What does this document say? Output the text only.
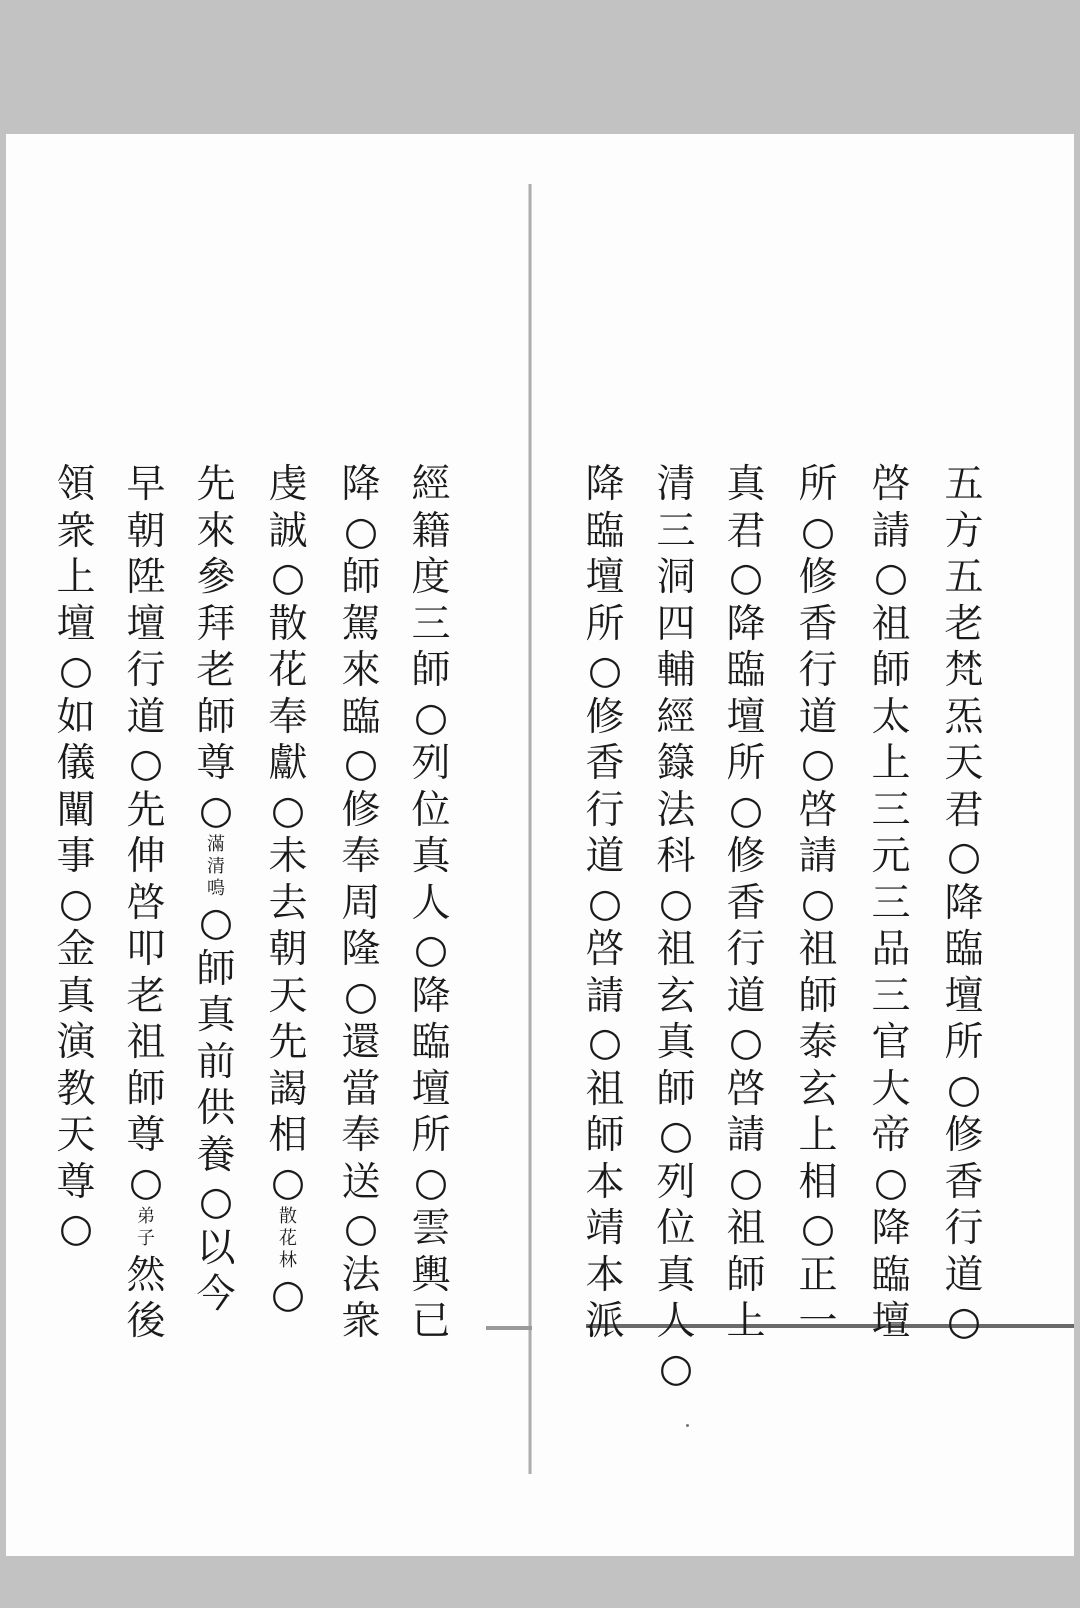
五方五老梵炁天君○降臨壇所○修香行道○
啓請○　祖師太上三元三品三官大帝○降臨壇
所○修香行道○　啓請○祖師泰玄上相○正一
真君○降臨壇所○修香行道○　啓請○祖師上
清三洞四輔經籙法科○祖玄真師○列位真人○
降臨壇所○修香行道○　啓請○祖師本靖本派
經籍度三師○列位真人○降臨壇所○　雲輿已
降○師駕來臨○修奉周隆○還當奉送○　法衆
虔誠○散花奉獻○　未去朝天先謁相○散花林○
先來參拜老師尊○滿清鳴○師真前供養○　以今
早朝陞壇行道○先伸啓叩老祖師尊○弟子然後
領衆上壇○如儀闡事○　金真演教天尊○
